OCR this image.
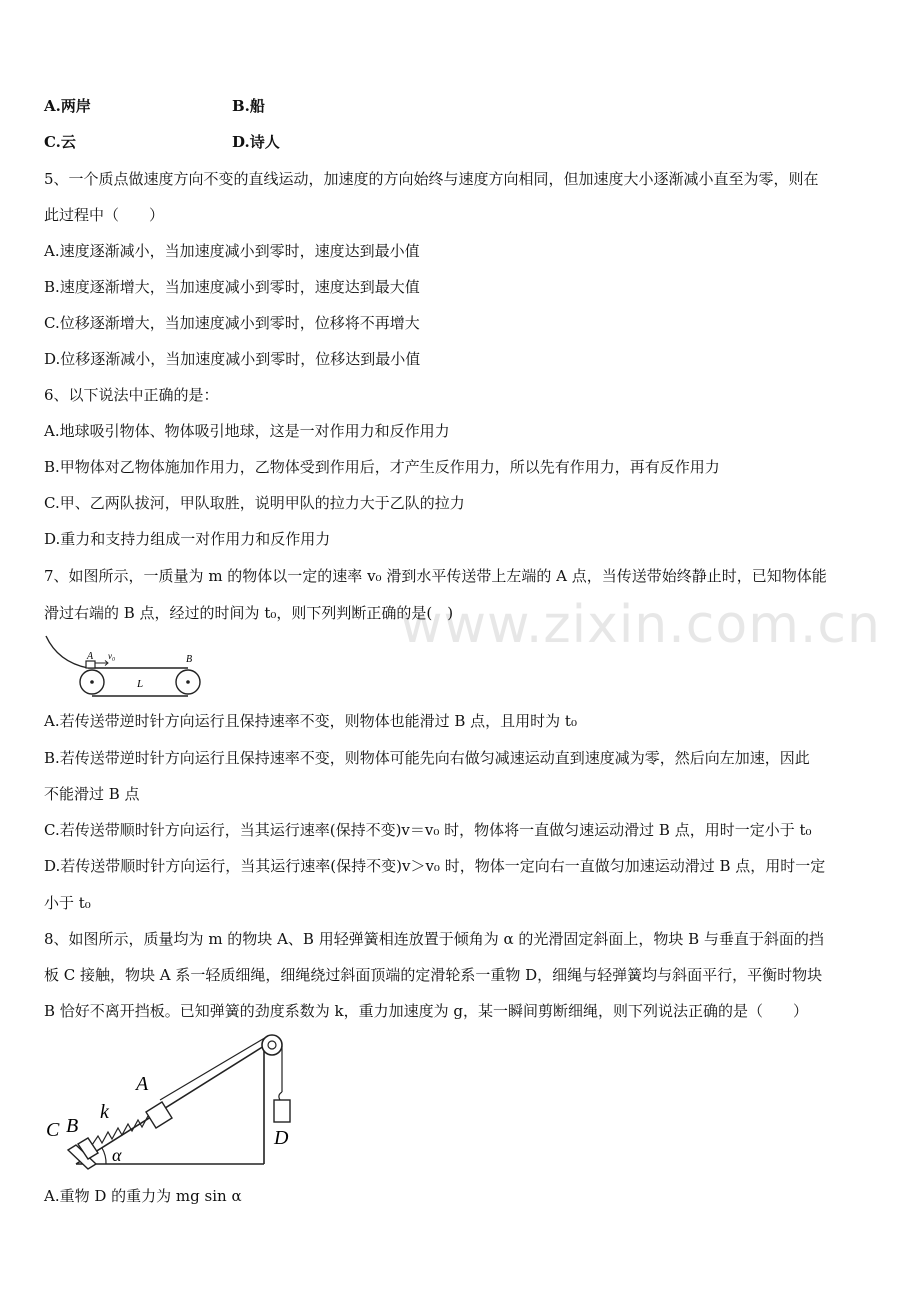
www.zixin.com.cn
A.两岸	B.船
C.云	D.诗人
5、一个质点做速度方向不变的直线运动，加速度的方向始终与速度方向相同，但加速度大小逐渐减小直至为零，则在
此过程中（　　）
A.速度逐渐减小，当加速度减小到零时，速度达到最小值
B.速度逐渐增大，当加速度减小到零时，速度达到最大值
C.位移逐渐增大，当加速度减小到零时，位移将不再增大
D.位移逐渐减小，当加速度减小到零时，位移达到最小值
6、以下说法中正确的是：
A.地球吸引物体、物体吸引地球，这是一对作用力和反作用力
B.甲物体对乙物体施加作用力，乙物体受到作用后，才产生反作用力，所以先有作用力，再有反作用力
C.甲、乙两队拔河，甲队取胜，说明甲队的拉力大于乙队的拉力
D.重力和支持力组成一对作用力和反作用力
7、如图所示，一质量为 m 的物体以一定的速率 v₀ 滑到水平传送带上左端的 A 点，当传送带始终静止时，已知物体能
滑过右端的 B 点，经过的时间为 t₀，则下列判断正确的是(　)
A v₀	B
L
A.若传送带逆时针方向运行且保持速率不变，则物体也能滑过 B 点，且用时为 t₀
B.若传送带逆时针方向运行且保持速率不变，则物体可能先向右做匀减速运动直到速度减为零，然后向左加速，因此
不能滑过 B 点
C.若传送带顺时针方向运行，当其运行速率(保持不变)v＝v₀ 时，物体将一直做匀速运动滑过 B 点，用时一定小于 t₀
D.若传送带顺时针方向运行，当其运行速率(保持不变)v＞v₀ 时，物体一定向右一直做匀加速运动滑过 B 点，用时一定
小于 t₀
8、如图所示，质量均为 m 的物块 A、B 用轻弹簧相连放置于倾角为 α 的光滑固定斜面上，物块 B 与垂直于斜面的挡
板 C 接触，物块 A 系一轻质细绳，细绳绕过斜面顶端的定滑轮系一重物 D，细绳与轻弹簧均与斜面平行，平衡时物块
B 恰好不离开挡板。已知弹簧的劲度系数为 k，重力加速度为 g，某一瞬间剪断细绳，则下列说法正确的是（　　）
A
k
C B
D
α
A.重物 D 的重力为 mg sin α
